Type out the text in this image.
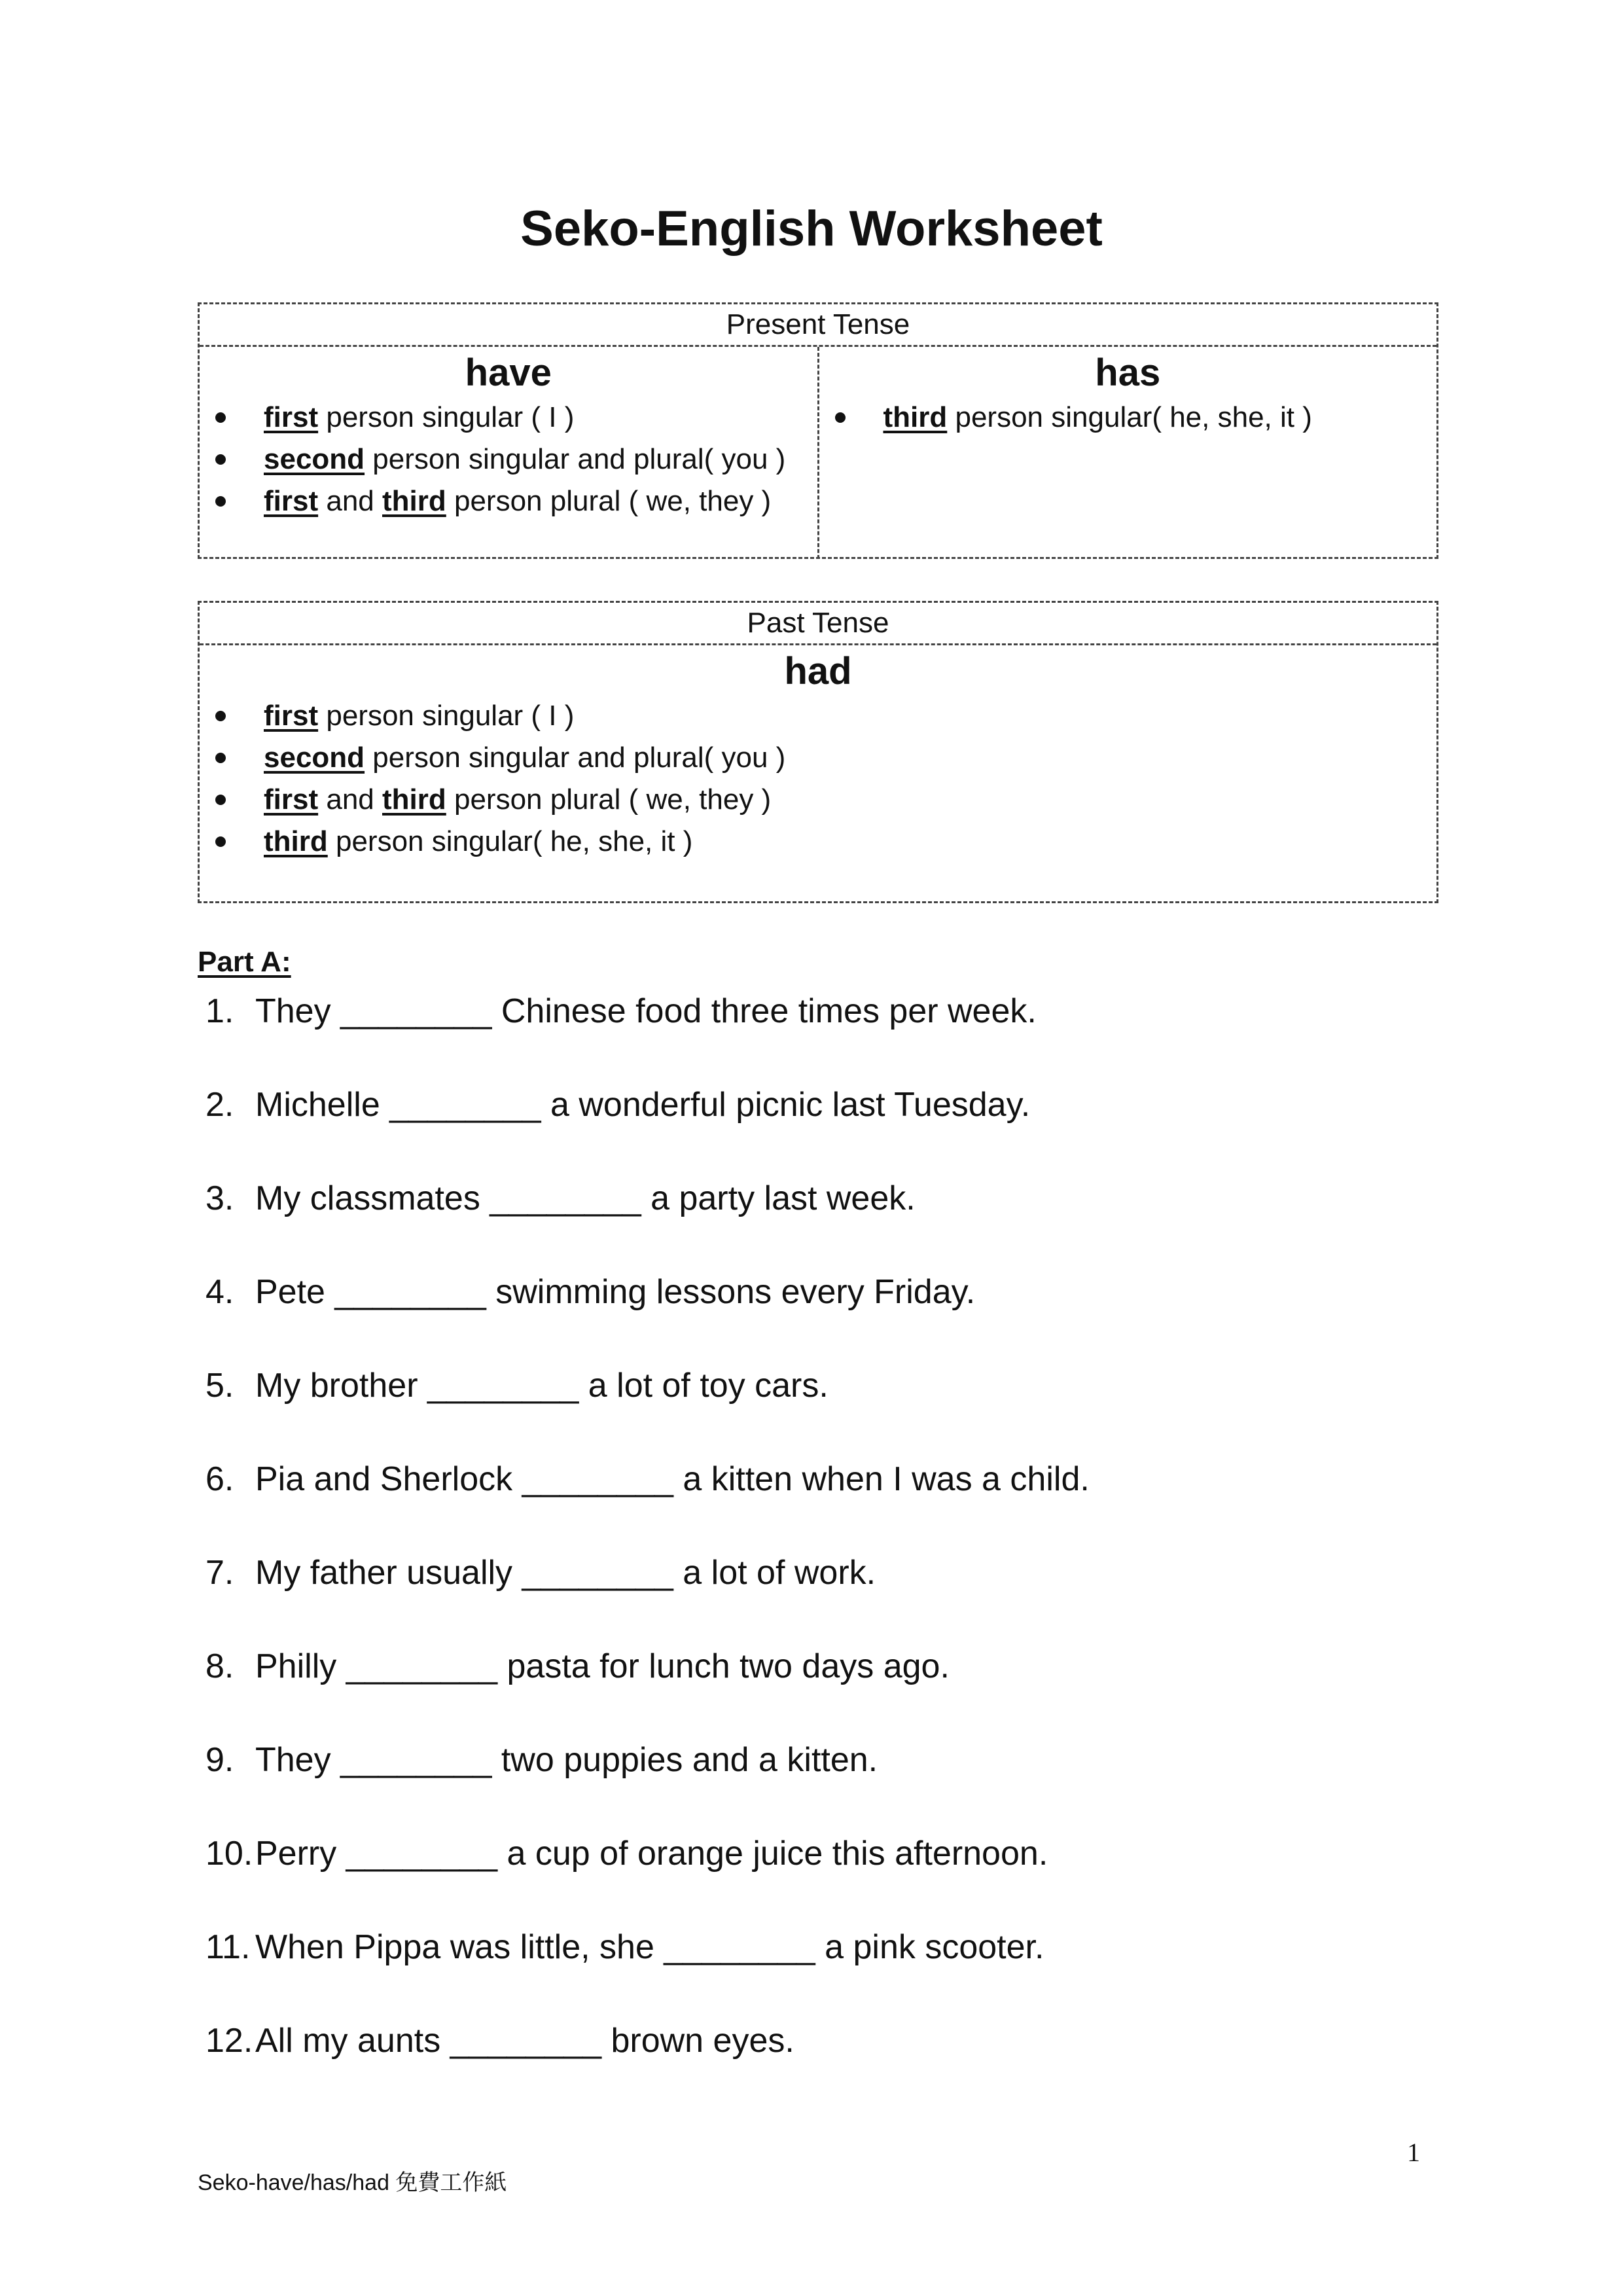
Seko-English Worksheet
Present Tense
have
first person singular ( I )
second person singular and plural( you )
first and third person plural ( we, they )
has
third person singular( he, she, it )
Past Tense
had
first person singular ( I )
second person singular and plural( you )
first and third person plural ( we, they )
third person singular( he, she, it )
Part A:
1. They ________ Chinese food three times per week.
2. Michelle ________ a wonderful picnic last Tuesday.
3. My classmates ________ a party last week.
4. Pete ________ swimming lessons every Friday.
5. My brother ________ a lot of toy cars.
6. Pia and Sherlock ________ a kitten when I was a child.
7. My father usually ________ a lot of work.
8. Philly ________ pasta for lunch two days ago.
9. They ________ two puppies and a kitten.
10. Perry ________ a cup of orange juice this afternoon.
11. When Pippa was little, she ________ a pink scooter.
12. All my aunts ________ brown eyes.
1
Seko-have/has/had 免費工作紙
